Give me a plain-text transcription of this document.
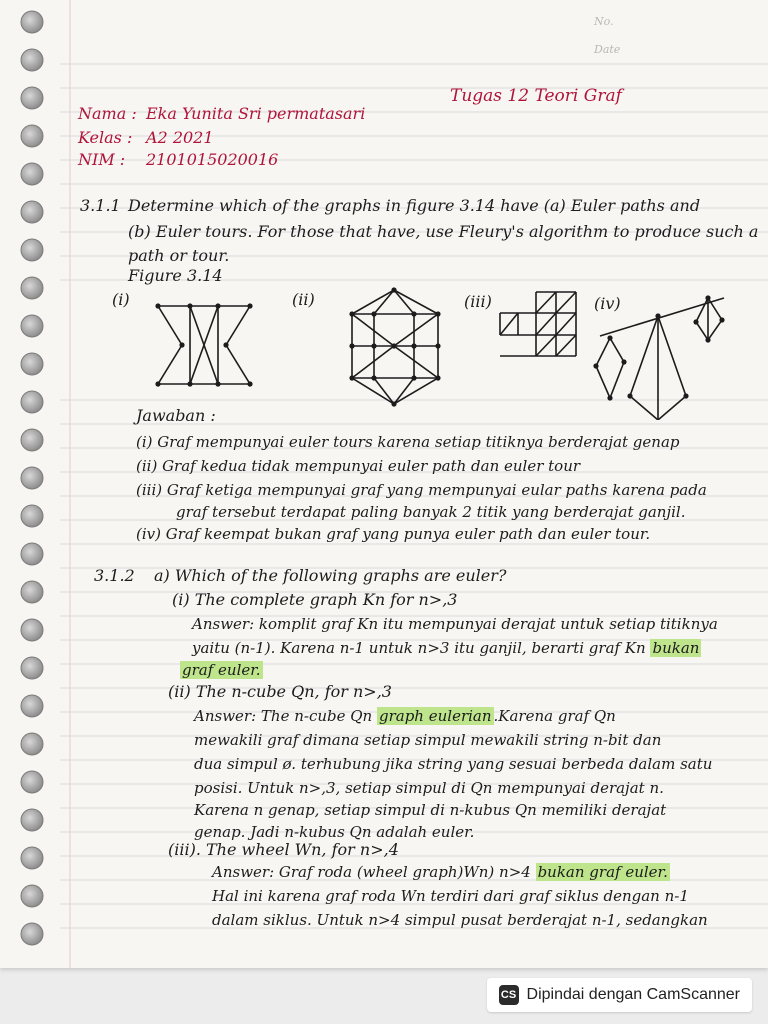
No.
Date
Tugas 12 Teori Graf
Nama : Eka Yunita Sri permatasari
Kelas : A2 2021
NIM : 2101015020016
3.1.1 Determine which of the graphs in figure 3.14 have (a) Euler paths and
(b) Euler tours. For those that have, use Fleury's algorithm to produce such a
path or tour.
Figure 3.14
(i)	(ii)	(iii)	(iv)
Jawaban :
(i) Graf mempunyai euler tours karena setiap titiknya berderajat genap
(ii) Graf kedua tidak mempunyai euler path dan euler tour
(iii) Graf ketiga mempunyai graf yang mempunyai eular paths karena pada
graf tersebut terdapat paling banyak 2 titik yang berderajat ganjil.
(iv) Graf keempat bukan graf yang punya euler path dan euler tour.
3.1.2 a) Which of the following graphs are euler?
(i) The complete graph Kn for n>,3
Answer: komplit graf Kn itu mempunyai derajat untuk setiap titiknya
yaitu (n-1). Karena n-1 untuk n>3 itu ganjil, berarti graf Kn bukan
graf euler.
(ii) The n-cube Qn, for n>,3
Answer: The n-cube Qn graph eulerian .Karena graf Qn
mewakili graf dimana setiap simpul mewakili string n-bit dan
dua simpul ø. terhubung jika string yang sesuai berbeda dalam satu
posisi. Untuk n>,3, setiap simpul di Qn mempunyai derajat n.
Karena n genap, setiap simpul di n-kubus Qn memiliki derajat
genap. Jadi n-kubus Qn adalah euler.
(iii). The wheel Wn, for n>,4
Answer: Graf roda (wheel graph)Wn) n>4 bukan graf euler.
Hal ini karena graf roda Wn terdiri dari graf siklus dengan n-1
dalam siklus. Untuk n>4 simpul pusat berderajat n-1, sedangkan
CS Dipindai dengan CamScanner
